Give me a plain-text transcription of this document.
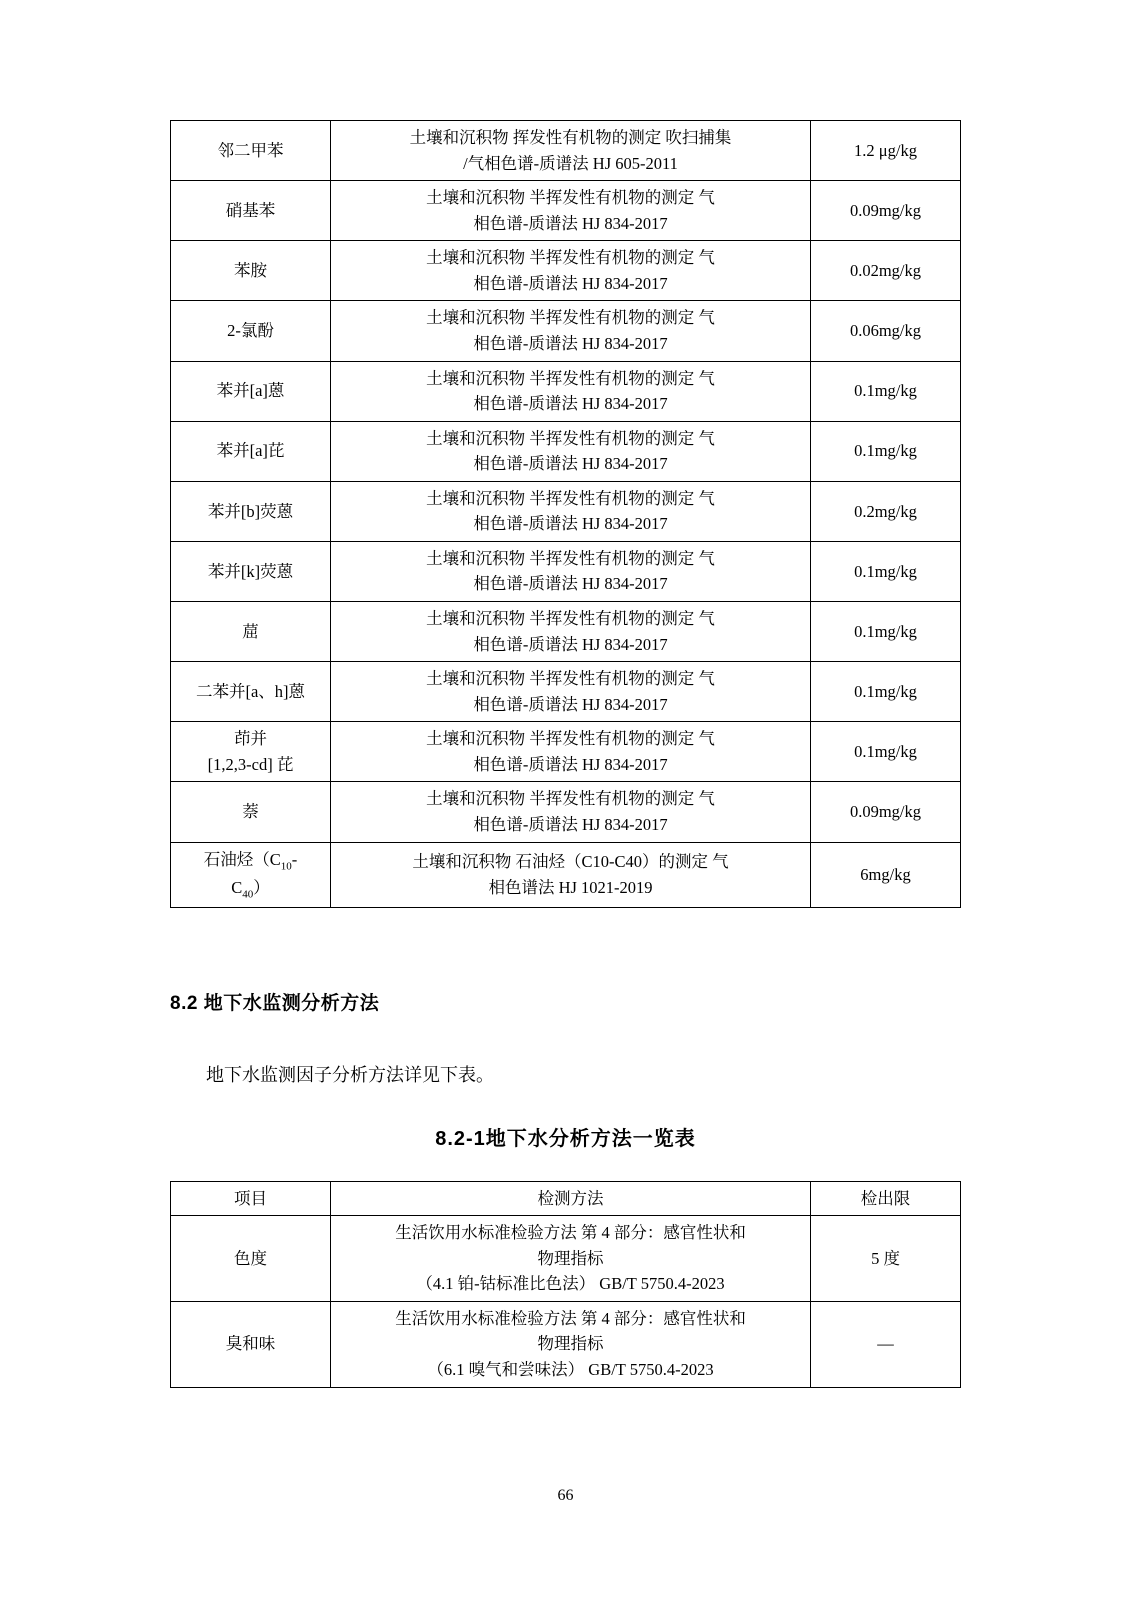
邻二甲苯	土壤和沉积物 挥发性有机物的测定 吹扫捕集
/气相色谱-质谱法 HJ 605-2011	1.2 μg/kg
硝基苯	土壤和沉积物 半挥发性有机物的测定 气
相色谱-质谱法 HJ 834-2017	0.09mg/kg
苯胺	土壤和沉积物 半挥发性有机物的测定 气
相色谱-质谱法 HJ 834-2017	0.02mg/kg
2-氯酚	土壤和沉积物 半挥发性有机物的测定 气
相色谱-质谱法 HJ 834-2017	0.06mg/kg
苯并[a]蒽	土壤和沉积物 半挥发性有机物的测定 气
相色谱-质谱法 HJ 834-2017	0.1mg/kg
苯并[a]芘	土壤和沉积物 半挥发性有机物的测定 气
相色谱-质谱法 HJ 834-2017	0.1mg/kg
苯并[b]荧蒽	土壤和沉积物 半挥发性有机物的测定 气
相色谱-质谱法 HJ 834-2017	0.2mg/kg
苯并[k]荧蒽	土壤和沉积物 半挥发性有机物的测定 气
相色谱-质谱法 HJ 834-2017	0.1mg/kg
䓛	土壤和沉积物 半挥发性有机物的测定 气
相色谱-质谱法 HJ 834-2017	0.1mg/kg
二苯并[a、h]蒽	土壤和沉积物 半挥发性有机物的测定 气
相色谱-质谱法 HJ 834-2017	0.1mg/kg

茚并
[1,2,3-cd] 芘	土壤和沉积物 半挥发性有机物的测定 气
相色谱-质谱法 HJ 834-2017	0.1mg/kg
萘	土壤和沉积物 半挥发性有机物的测定 气
相色谱-质谱法 HJ 834-2017	0.09mg/kg

石油烃（$C_{10}-$
$C_{40}$）	土壤和沉积物 石油烃（C10-C40）的测定 气
相色谱法 HJ 1021-2019	6mg/kg
8.2 地下水监测分析方法

地下水监测因子分析方法详见下表。

8.2-1地下水分析方法一览表
项目	检测方法	检出限
色度	生活饮用水标准检验方法 第 4 部分：感官性状和
物理指标
（4.1 铂-钴标准比色法） GB/T 5750.4-2023	5 度
臭和味	生活饮用水标准检验方法 第 4 部分：感官性状和
物理指标
（6.1 嗅气和尝味法） GB/T 5750.4-2023	—
66
